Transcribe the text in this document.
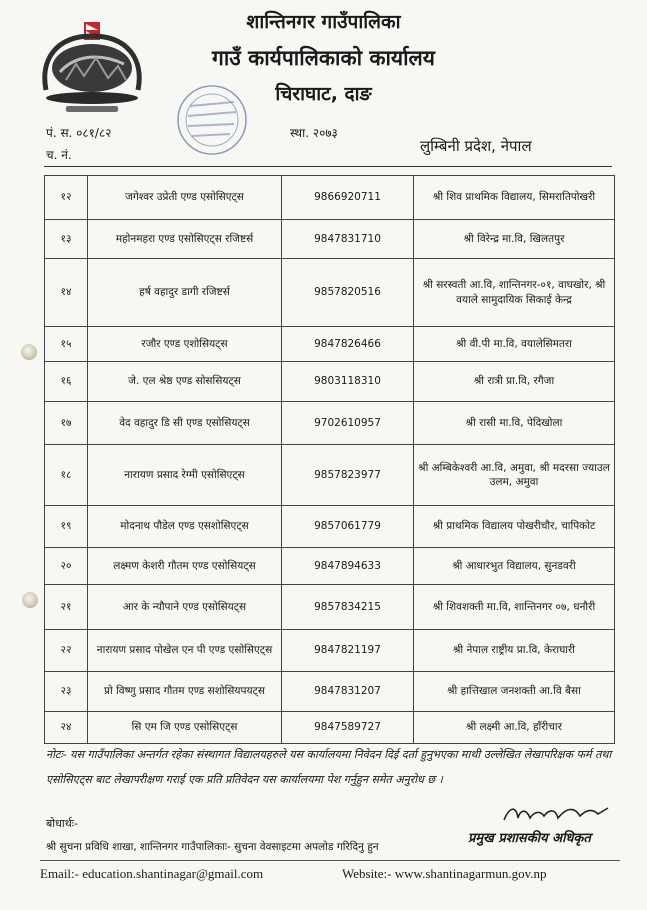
शान्तिनगर गाउँपालिका
गाउँ कार्यपालिकाको कार्यालय
चिराघाट, दाङ
पं. स. ०८१/८२
च. नं.
स्था. २०७३
लुम्बिनी प्रदेश, नेपाल
१२	जगेश्वर उप्रेती एण्ड एसोसिएट्स	9866920711	श्री शिव प्राथमिक विद्यालय, सिमरातिपोखरी
१३	महोनमहरा एण्ड एसोसिएट्स रजिष्टर्स	9847831710	श्री विरेन्द्र मा.वि, खिलतपुर
१४	हर्ष वहादुर डागी रजिष्टर्स	9857820516	श्री सरस्वती आ.वि, शान्तिनगर-०१, वाघखोर, श्री वयाले सामुदायिक सिकाई केन्द्र
१५	रजौर एण्ड एशोसियट्स	9847826466	श्री वी.पी मा.वि, वयालेसिमतरा
१६	जे. एल श्रेष्ठ एण्ड सोससियट्स	9803118310	श्री रात्री प्रा.वि, रगैजा
१७	वेद वहादुर डि सी एण्ड एसोसियट्स	9702610957	श्री रासी मा.वि, पेदिखोला
१८	नारायण प्रसाद रेग्मी एसोसिएट्स	9857823977	श्री अम्बिकेश्वरी आ.वि, अमुवा, श्री मदरसा ज्याउल उलम, अमुवा
१९	मोदनाथ पौडेल एण्ड एसशोसिएट्स	9857061779	श्री प्राथमिक विद्यालय पोखरीचौर, चापिकोट
२०	लक्ष्मण केशरी गौतम एण्ड एसोसियट्स	9847894633	श्री आधारभुत विद्यालय, सुनडवरी
२१	आर के न्यौपाने एण्ड एसोसियट्स	9857834215	श्री शिवशक्ती मा.वि, शान्तिनगर ०७, धनौरी
२२	नारायण प्रसाद पोखेल एन पी एण्ड एसोसिएट्स	9847821197	श्री नेपाल राष्ट्रीय प्रा.वि, केराघारी
२३	प्रो विष्णु प्रसाद गौतम एण्ड सशोसियपयट्स	9847831207	श्री हात्तिखाल जनशक्ती आ.वि बैसा
२४	सि एम जि एण्ड एसोसिएट्स	9847589727	श्री लक्ष्मी आ.वि, हाँरीचार
नोटः- यस गाउँपालिका अन्तर्गत रहेका संस्थागत विद्यालयहरुले यस कार्यालयमा निवेदन दिई दर्ता हुनुभएका माथी उल्लेखित लेखापरिक्षक फर्म तथा एसोसिएट्स बाट लेखापरीक्षण गराई एक प्रति प्रतिवेदन यस कार्यालयमा पेश गर्नुहुन समेत अनुरोध छ ।
बोधार्थः-
श्री सुचना प्रविधि शाखा, शान्तिनगर गाउँपालिकाः- सुचना वेवसाइटमा अपलोड गरिदिनु हुन
प्रमुख प्रशासकीय अधिकृत
Email:- education.shantinagar@gmail.com	Website:- www.shantinagarmun.gov.np
